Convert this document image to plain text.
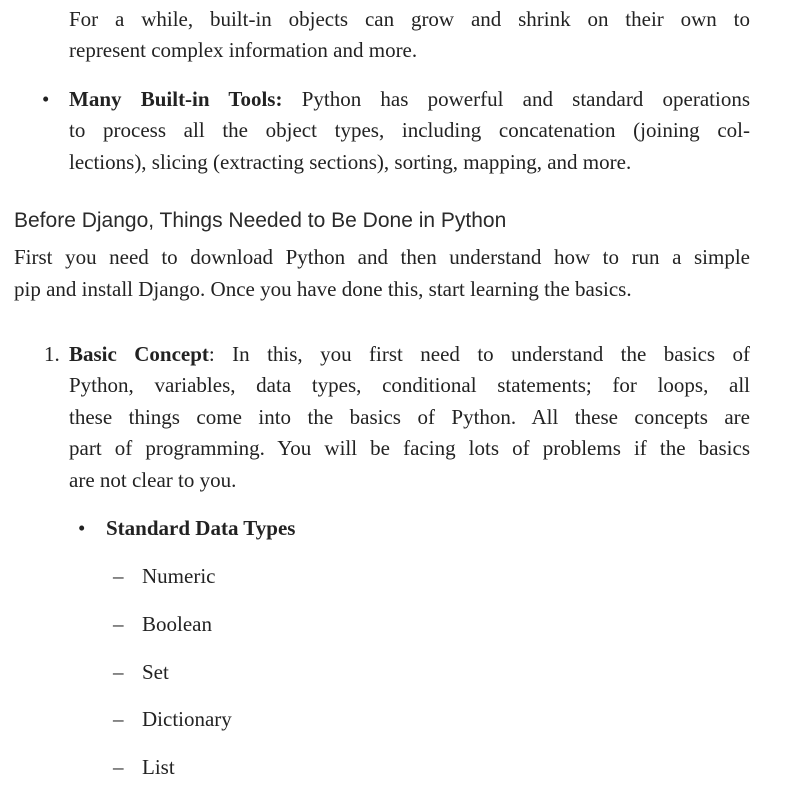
For a while, built-in objects can grow and shrink on their own to
represent complex information and more.
• Many Built-in Tools: Python has powerful and standard operations
to process all the object types, including concatenation (joining col-
lections), slicing (extracting sections), sorting, mapping, and more.
Before Django, Things Needed to Be Done in Python
First you need to download Python and then understand how to run a simple
pip and install Django. Once you have done this, start learning the basics.
1. Basic Concept: In this, you first need to understand the basics of
Python, variables, data types, conditional statements; for loops, all
these things come into the basics of Python. All these concepts are
part of programming. You will be facing lots of problems if the basics
are not clear to you.
• Standard Data Types
– Numeric
– Boolean
– Set
– Dictionary
– List
